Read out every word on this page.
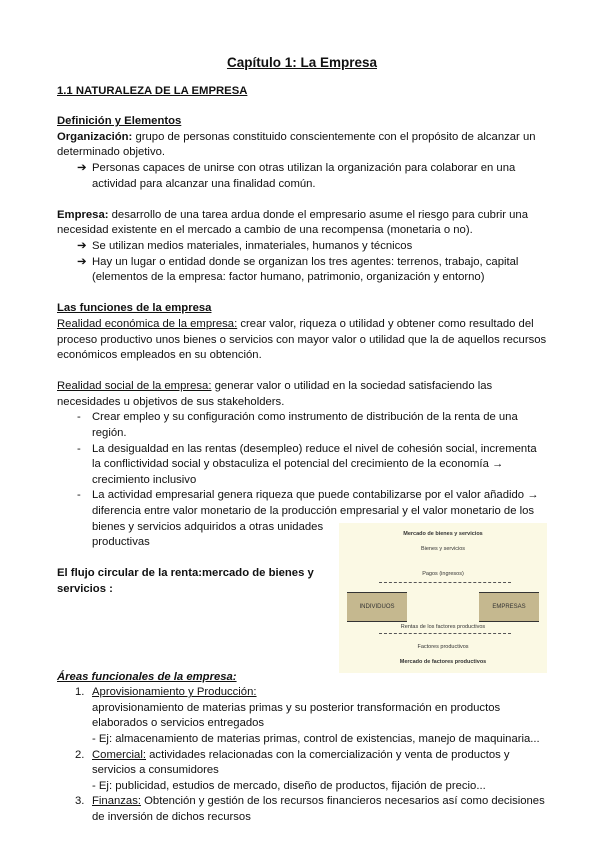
Capítulo 1: La Empresa
1.1 NATURALEZA DE LA EMPRESA

Definición y Elementos

Organización: grupo de personas constituido conscientemente con el propósito de alcanzar un determinado objetivo.

➔ Personas capaces de unirse con otras utilizan la organización para colaborar en una actividad para alcanzar una finalidad común.

Empresa: desarrollo de una tarea ardua donde el empresario asume el riesgo para cubrir una necesidad existente en el mercado a cambio de una recompensa (monetaria o no).

➔ Se utilizan medios materiales, inmateriales, humanos y técnicos
➔ Hay un lugar o entidad donde se organizan los tres agentes: terrenos, trabajo, capital (elementos de la empresa: factor humano, patrimonio, organización y entorno)

Las funciones de la empresa

Realidad económica de la empresa: crear valor, riqueza o utilidad y obtener como resultado del proceso productivo unos bienes o servicios con mayor valor o utilidad que la de aquellos recursos económicos empleados en su obtención.

Realidad social de la empresa: generar valor o utilidad en la sociedad satisfaciendo las necesidades u objetivos de sus stakeholders.

- Crear empleo y su configuración como instrumento de distribución de la renta de una región.
- La desigualdad en las rentas (desempleo) reduce el nivel de cohesión social, incrementa la conflictividad social y obstaculiza el potencial del crecimiento de la economía → crecimiento inclusivo
- La actividad empresarial genera riqueza que puede contabilizarse por el valor añadido → diferencia entre valor monetario de la producción empresarial y el valor monetario de los
bienes y servicios adquiridos a otras unidades
productivas
Mercado de bienes y servicios
Bienes y servicios
Pagos (ingresos)
INDIVIDUOS	EMPRESAS
Rentas de los factores productivos
Factores productivos
Mercado de factores productivos

El flujo circular de la renta:mercado de bienes y servicios :

Áreas funcionales de la empresa:

1. Aprovisionamiento y Producción:
aprovisionamiento de materias primas y su posterior transformación en productos elaborados o servicios entregados
- Ej: almacenamiento de materias primas, control de existencias, manejo de maquinaria...
2. Comercial: actividades relacionadas con la comercialización y venta de productos y servicios a consumidores
- Ej: publicidad, estudios de mercado, diseño de productos, fijación de precio...
3. Finanzas: Obtención y gestión de los recursos financieros necesarios así como decisiones de inversión de dichos recursos
